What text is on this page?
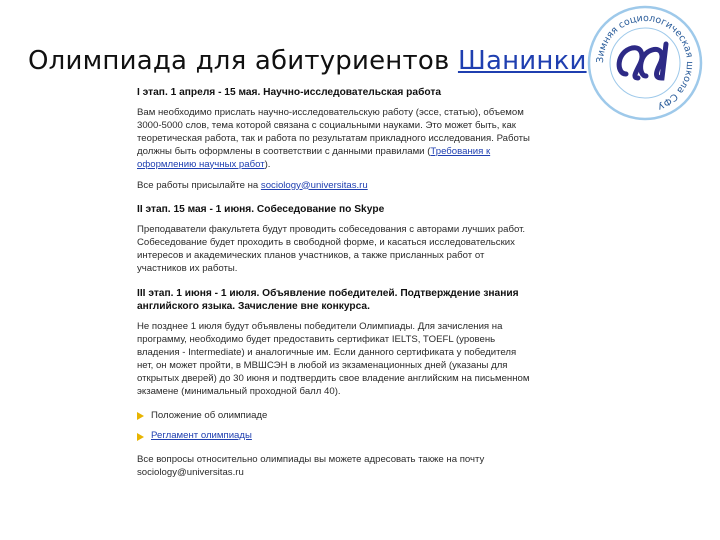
Олимпиада для абитуриентов Шанинки Зимняя социологическая школа СФУ

I этап. 1 апреля - 15 мая. Научно-исследовательская работа

Вам необходимо прислать научно-исследовательскую работу (эссе, статью), объемом 3000-5000 слов, тема которой связана с социальными науками. Это может быть, как теоретическая работа, так и работа по результатам прикладного исследования. Работы должны быть оформлены в соответствии с данными правилами (Требования к оформлению научных работ).

Все работы присылайте на sociology@universitas.ru

II этап. 15 мая - 1 июня. Собеседование по Skype

Преподаватели факультета будут проводить собеседования с авторами лучших работ. Собеседование будет проходить в свободной форме, и касаться исследовательских интересов и академических планов участников, а также присланных работ от участников их работы.

III этап. 1 июня - 1 июля. Объявление победителей. Подтверждение знания английского языка. Зачисление вне конкурса.

Не позднее 1 июля будут объявлены победители Олимпиады. Для зачисления на программу, необходимо будет предоставить сертификат IELTS, TOEFL (уровень владения - Intermediate) и аналогичные им. Если данного сертификата у победителя нет, он может пройти, в МВШСЭН в любой из экзаменационных дней (указаны для открытых дверей) до 30 июня и подтвердить свое владение английским на письменном экзамене (минимальный проходной балл 40).

Положение об олимпиаде

Регламент олимпиады

Все вопросы относительно олимпиады вы можете адресовать также на почту

sociology@universitas.ru
